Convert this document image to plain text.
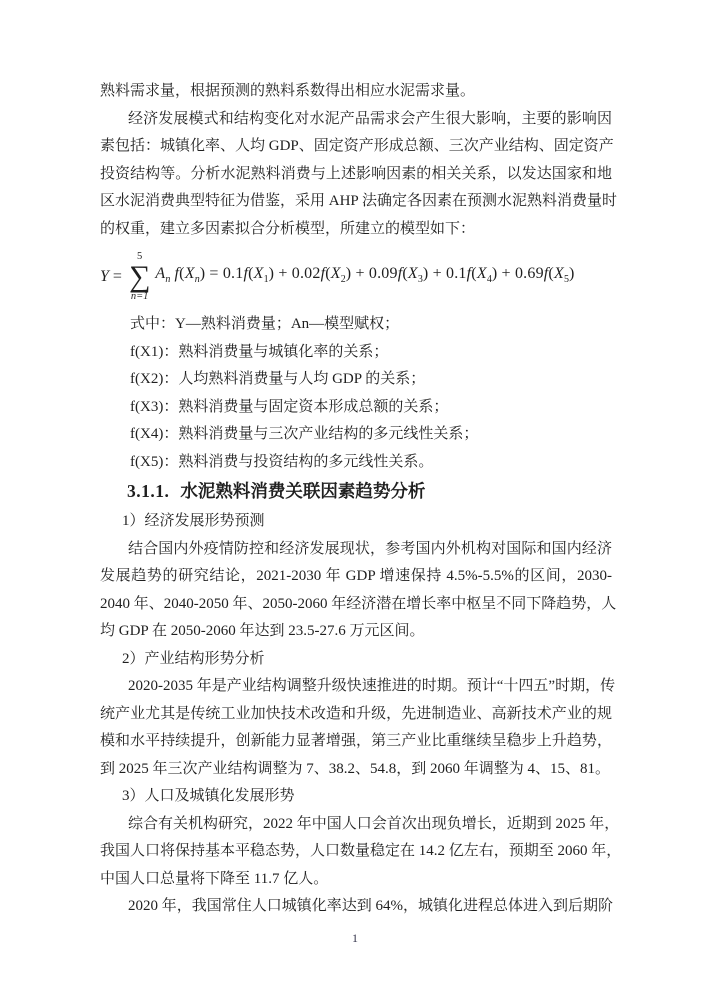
熟料需求量，根据预测的熟料系数得出相应水泥需求量。
经济发展模式和结构变化对水泥产品需求会产生很大影响，主要的影响因
素包括：城镇化率、人均 GDP、固定资产形成总额、三次产业结构、固定资产
投资结构等。分析水泥熟料消费与上述影响因素的相关关系，以发达国家和地
区水泥消费典型特征为借鉴，采用 AHP 法确定各因素在预测水泥熟料消费量时
的权重，建立多因素拟合分析模型，所建立的模型如下：
Y =
5
∑
n=1
$A_n$ $f(X_n) = 0.1f(X_1) + 0.02f(X_2) + 0.09f(X_3) + 0.1f(X_4) + 0.69f(X_5)$
式中：Y—熟料消费量；An—模型赋权；
f(X1)：熟料消费量与城镇化率的关系；
f(X2)：人均熟料消费量与人均 GDP 的关系；
f(X3)：熟料消费量与固定资本形成总额的关系；
f(X4)：熟料消费量与三次产业结构的多元线性关系；
f(X5)：熟料消费与投资结构的多元线性关系。
3.1.1. 水泥熟料消费关联因素趋势分析
1）经济发展形势预测
结合国内外疫情防控和经济发展现状，参考国内外机构对国际和国内经济
发展趋势的研究结论，2021-2030 年 GDP 增速保持 4.5%-5.5%的区间，2030-
2040 年、2040-2050 年、2050-2060 年经济潜在增长率中枢呈不同下降趋势，人
均 GDP 在 2050-2060 年达到 23.5-27.6 万元区间。
2）产业结构形势分析
2020-2035 年是产业结构调整升级快速推进的时期。预计“十四五”时期，传
统产业尤其是传统工业加快技术改造和升级，先进制造业、高新技术产业的规
模和水平持续提升，创新能力显著增强，第三产业比重继续呈稳步上升趋势，
到 2025 年三次产业结构调整为 7、38.2、54.8，到 2060 年调整为 4、15、81。
3）人口及城镇化发展形势
综合有关机构研究，2022 年中国人口会首次出现负增长，近期到 2025 年，
我国人口将保持基本平稳态势，人口数量稳定在 14.2 亿左右，预期至 2060 年，
中国人口总量将下降至 11.7 亿人。
2020 年，我国常住人口城镇化率达到 64%，城镇化进程总体进入到后期阶
1
